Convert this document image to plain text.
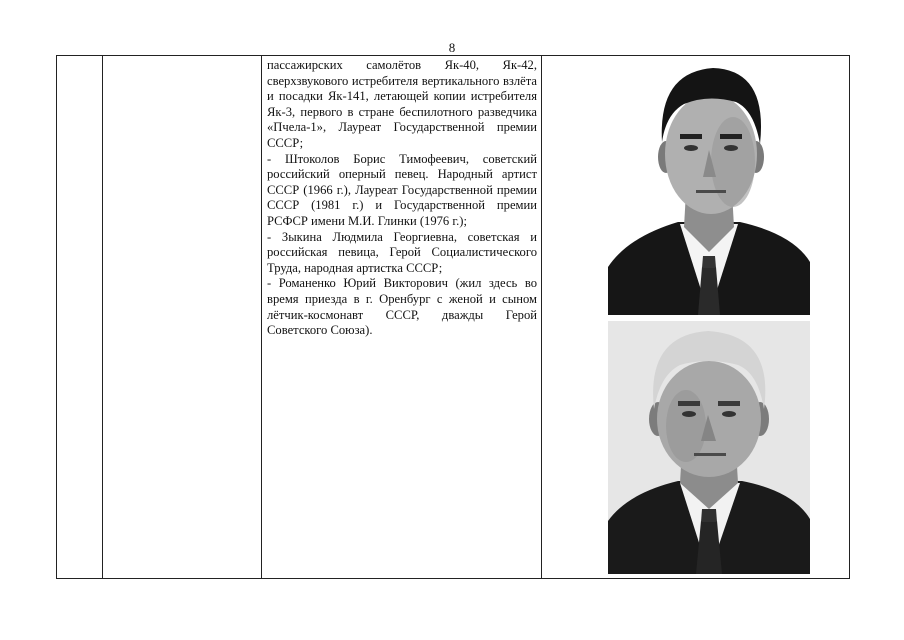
8

пассажирских самолётов Як-40, Як-42, сверхзвукового истребителя вертикального взлёта и посадки Як-141, летающей копии истребителя Як-3, первого в стране беспилотного разведчика «Пчела-1», Лауреат Государственной премии СССР;

- Штоколов Борис Тимофеевич, советский российский оперный певец. Народный артист СССР (1966 г.), Лауреат Государственной премии СССР (1981 г.) и Государственной премии РСФСР имени М.И. Глинки (1976 г.);

- Зыкина Людмила Георгиевна, советская и российская певица, Герой Социалистического Труда, народная артистка СССР;

- Романенко Юрий Викторович (жил здесь во время приезда в г. Оренбург с женой и сыном лётчик-космонавт СССР, дважды Герой Советского Союза).
